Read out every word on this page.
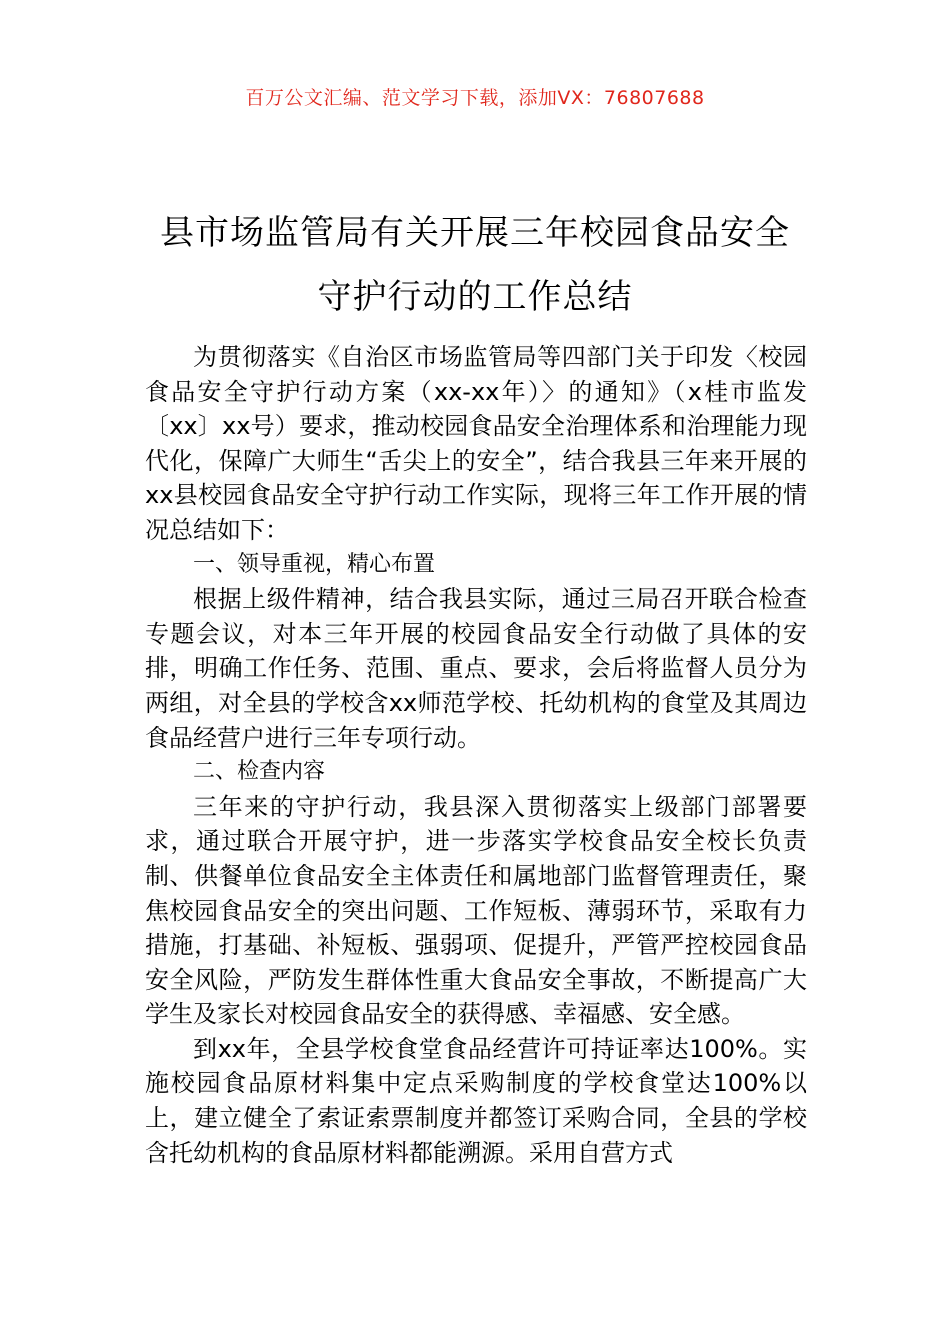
百万公文汇编、范文学习下载，添加VX：76807688
县市场监管局有关开展三年校园食品安全
守护行动的工作总结

为贯彻落实《自治区市场监管局等四部门关于印发〈校园食品安全守护行动方案（xx-xx年）〉的通知》（x桂市监发〔xx〕xx号）要求，推动校园食品安全治理体系和治理能力现代化，保障广大师生“舌尖上的安全”，结合我县三年来开展的xx县校园食品安全守护行动工作实际，现将三年工作开展的情况总结如下：

一、领导重视，精心布置

根据上级件精神，结合我县实际，通过三局召开联合检查专题会议，对本三年开展的校园食品安全行动做了具体的安排，明确工作任务、范围、重点、要求，会后将监督人员分为两组，对全县的学校含xx师范学校、托幼机构的食堂及其周边食品经营户进行三年专项行动。

二、检查内容

三年来的守护行动，我县深入贯彻落实上级部门部署要求，通过联合开展守护，进一步落实学校食品安全校长负责制、供餐单位食品安全主体责任和属地部门监督管理责任，聚焦校园食品安全的突出问题、工作短板、薄弱环节，采取有力措施，打基础、补短板、强弱项、促提升，严管严控校园食品安全风险，严防发生群体性重大食品安全事故，不断提高广大学生及家长对校园食品安全的获得感、幸福感、安全感。

到xx年，全县学校食堂食品经营许可持证率达100%。实施校园食品原材料集中定点采购制度的学校食堂达100%以上，建立健全了索证索票制度并都签订采购合同，全县的学校含托幼机构的食品原材料都能溯源。采用自营方式
